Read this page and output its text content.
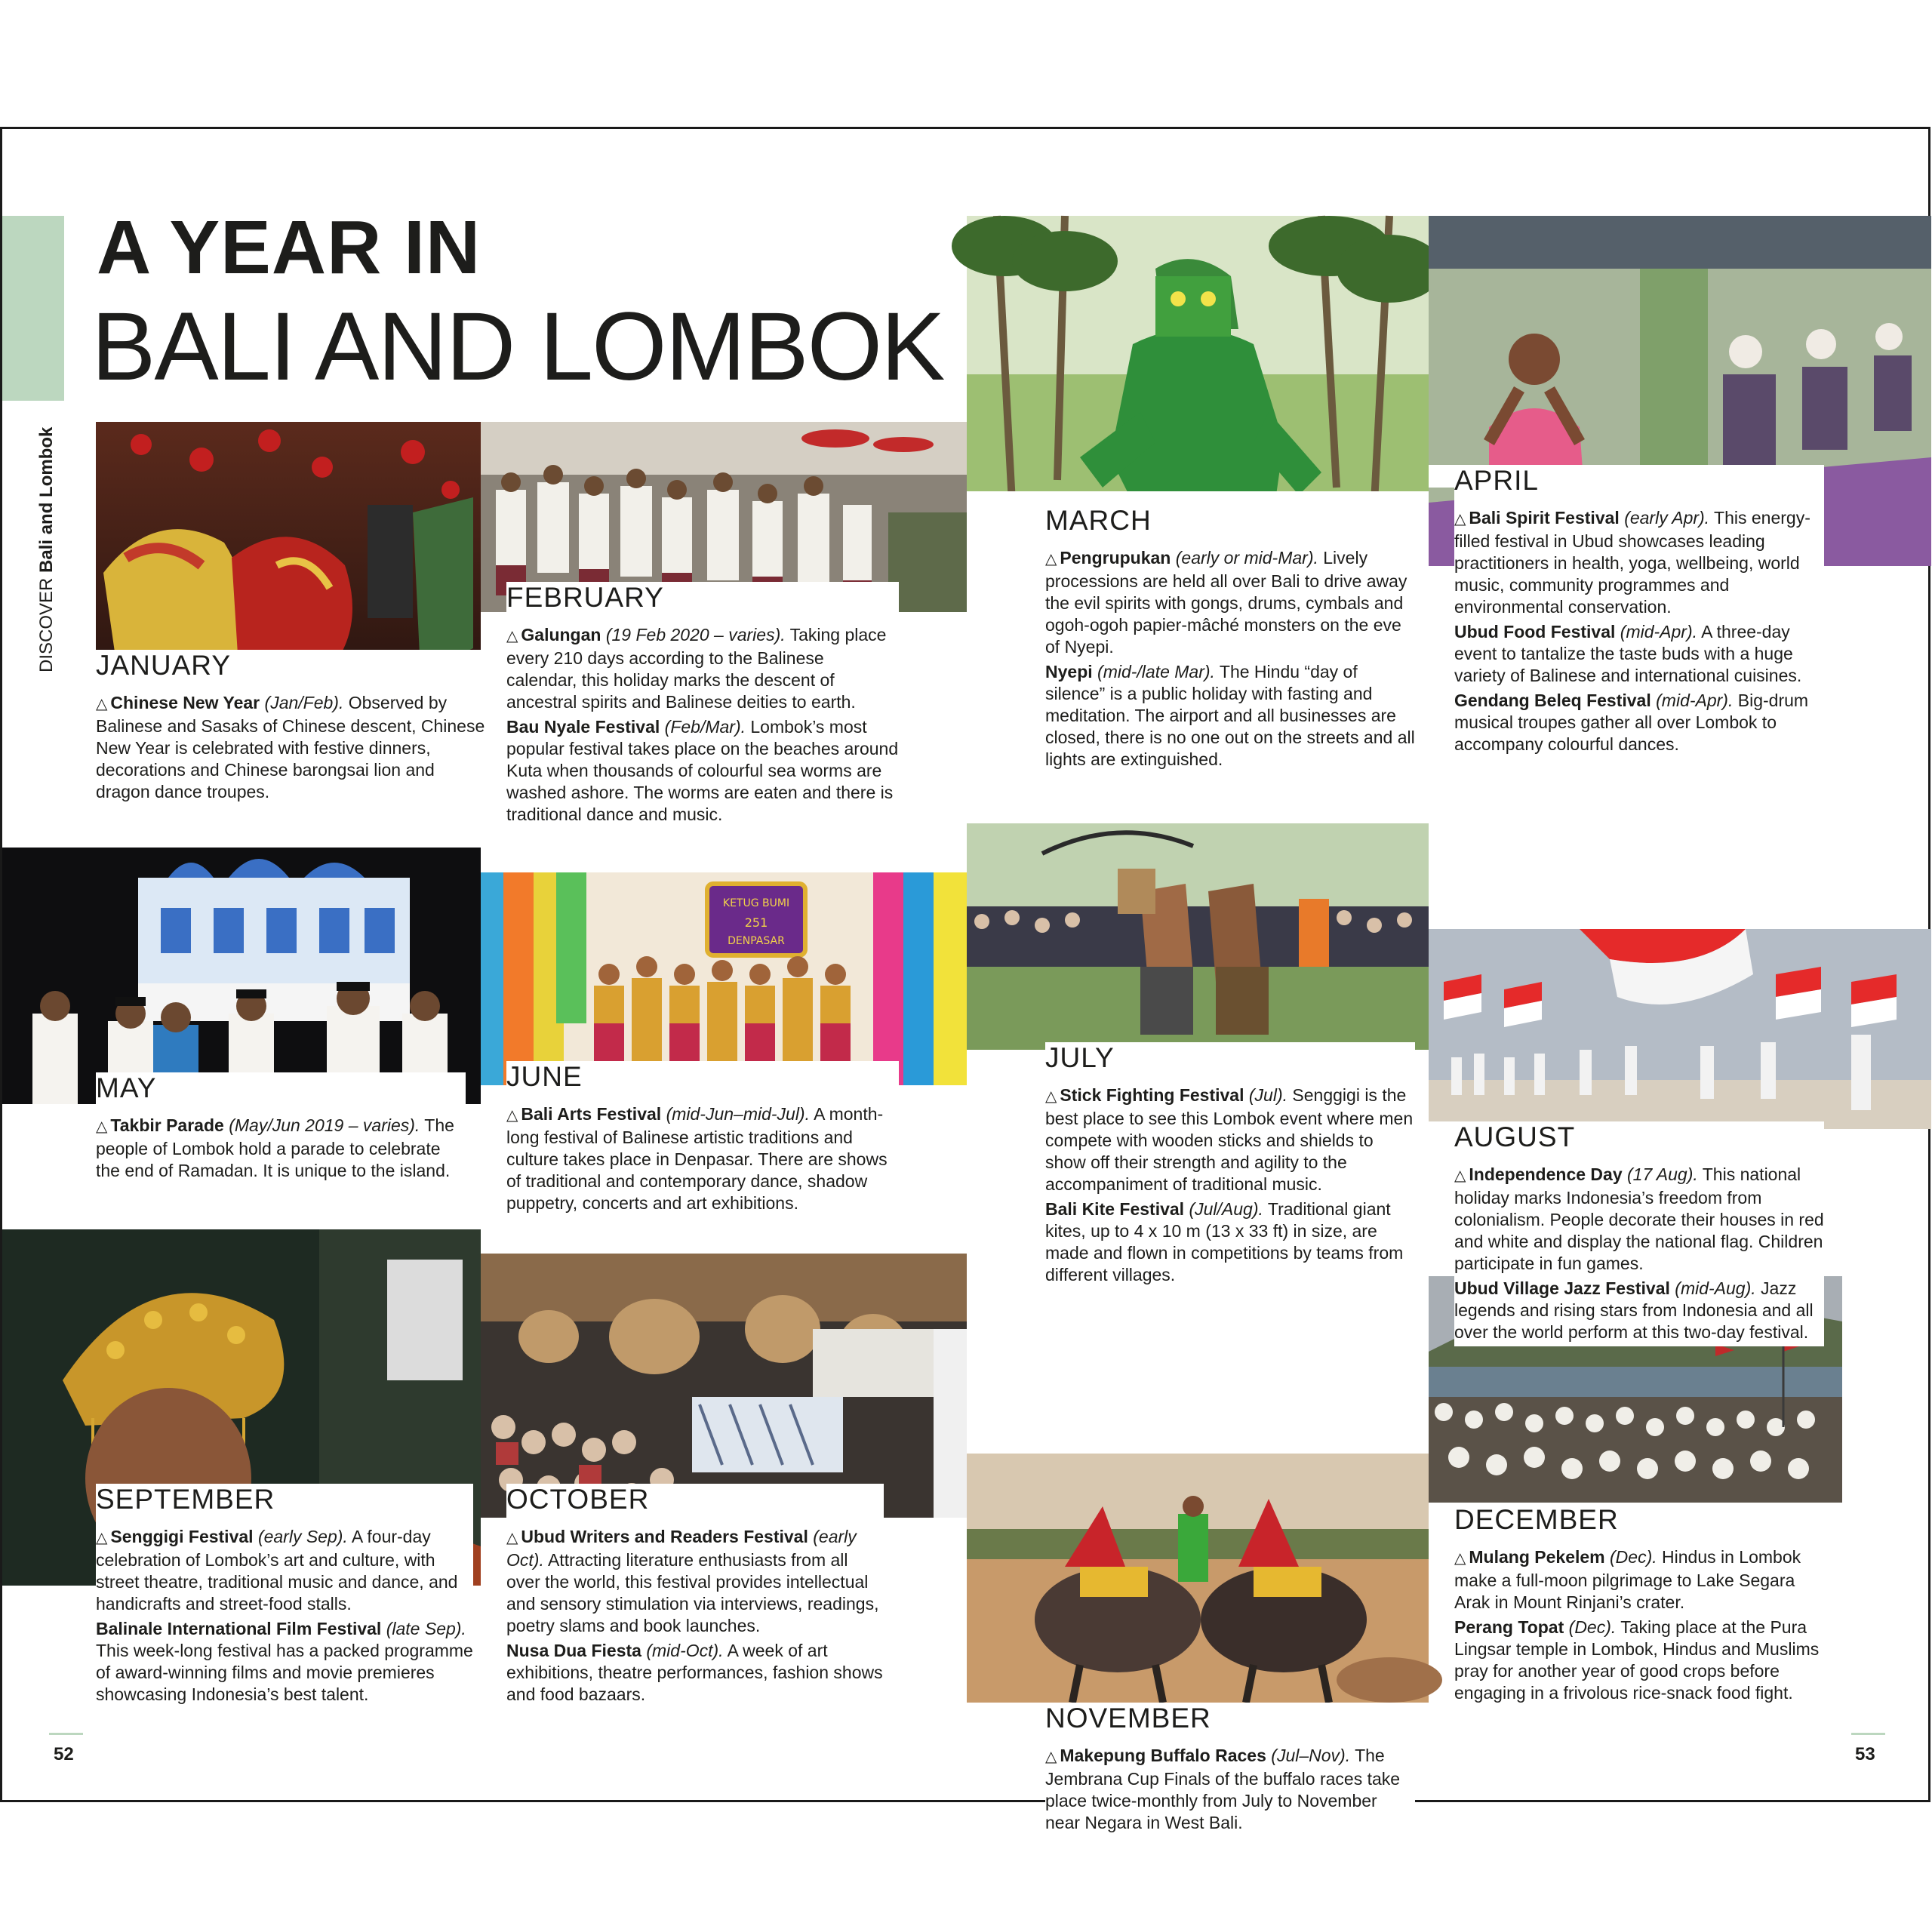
DISCOVER Bali and Lombok
A YEAR IN
BALI AND LOMBOK
KETUG BUMI
251
DENPASAR
JANUARY

△ Chinese New Year (Jan/Feb). Observed by Balinese and Sasaks of Chinese descent, Chinese New Year is celebrated with festive dinners, decorations and Chinese barongsai lion and dragon dance troupes.

FEBRUARY

△ Galungan (19 Feb 2020 – varies). Taking place every 210 days according to the Balinese calendar, this holiday marks the descent of ancestral spirits and Balinese deities to earth.

Bau Nyale Festival (Feb/Mar). Lombok’s most popular festival takes place on the beaches around Kuta when thousands of colourful sea worms are washed ashore. The worms are eaten and there is traditional dance and music.

MARCH

△ Pengrupukan (early or mid-Mar). Lively processions are held all over Bali to drive away the evil spirits with gongs, drums, cymbals and ogoh-ogoh papier-mâché monsters on the eve of Nyepi.

Nyepi (mid-/late Mar). The Hindu “day of silence” is a public holiday with fasting and meditation. The airport and all businesses are closed, there is no one out on the streets and all lights are extinguished.

APRIL

△ Bali Spirit Festival (early Apr). This energy-filled festival in Ubud showcases leading practitioners in health, yoga, wellbeing, world music, community programmes and environmental conservation.

Ubud Food Festival (mid-Apr). A three-day event to tantalize the taste buds with a huge variety of Balinese and international cuisines.

Gendang Beleq Festival (mid-Apr). Big-drum musical troupes gather all over Lombok to accompany colourful dances.

MAY

△ Takbir Parade (May/Jun 2019 – varies). The people of Lombok hold a parade to celebrate the end of Ramadan. It is unique to the island.

JUNE

△ Bali Arts Festival (mid-Jun–mid-Jul). A month-long festival of Balinese artistic traditions and culture takes place in Denpasar. There are shows of traditional and contemporary dance, shadow puppetry, concerts and art exhibitions.

JULY

△ Stick Fighting Festival (Jul). Senggigi is the best place to see this Lombok event where men compete with wooden sticks and shields to show off their strength and agility to the accompaniment of traditional music.

Bali Kite Festival (Jul/Aug). Traditional giant kites, up to 4 x 10 m (13 x 33 ft) in size, are made and flown in competitions by teams from different villages.

AUGUST

△ Independence Day (17 Aug). This national holiday marks Indonesia’s freedom from colonialism. People decorate their houses in red and white and display the national flag. Children participate in fun games.

Ubud Village Jazz Festival (mid-Aug). Jazz legends and rising stars from Indonesia and all over the world perform at this two-day festival.

SEPTEMBER

△ Senggigi Festival (early Sep). A four-day celebration of Lombok’s art and culture, with street theatre, traditional music and dance, and handicrafts and street-food stalls.

Balinale International Film Festival (late Sep). This week-long festival has a packed programme of award-winning films and movie premieres showcasing Indonesia’s best talent.

OCTOBER

△ Ubud Writers and Readers Festival (early Oct). Attracting literature enthusiasts from all over the world, this festival provides intellectual and sensory stimulation via interviews, readings, poetry slams and book launches.

Nusa Dua Fiesta (mid-Oct). A week of art exhibitions, theatre performances, fashion shows and food bazaars.

NOVEMBER

△ Makepung Buffalo Races (Jul–Nov). The Jembrana Cup Finals of the buffalo races take place twice-monthly from July to November near Negara in West Bali.

DECEMBER

△ Mulang Pekelem (Dec). Hindus in Lombok make a full-moon pilgrimage to Lake Segara Arak in Mount Rinjani’s crater.

Perang Topat (Dec). Taking place at the Pura Lingsar temple in Lombok, Hindus and Muslims pray for another year of good crops before engaging in a frivolous rice-snack food fight.

52	53
